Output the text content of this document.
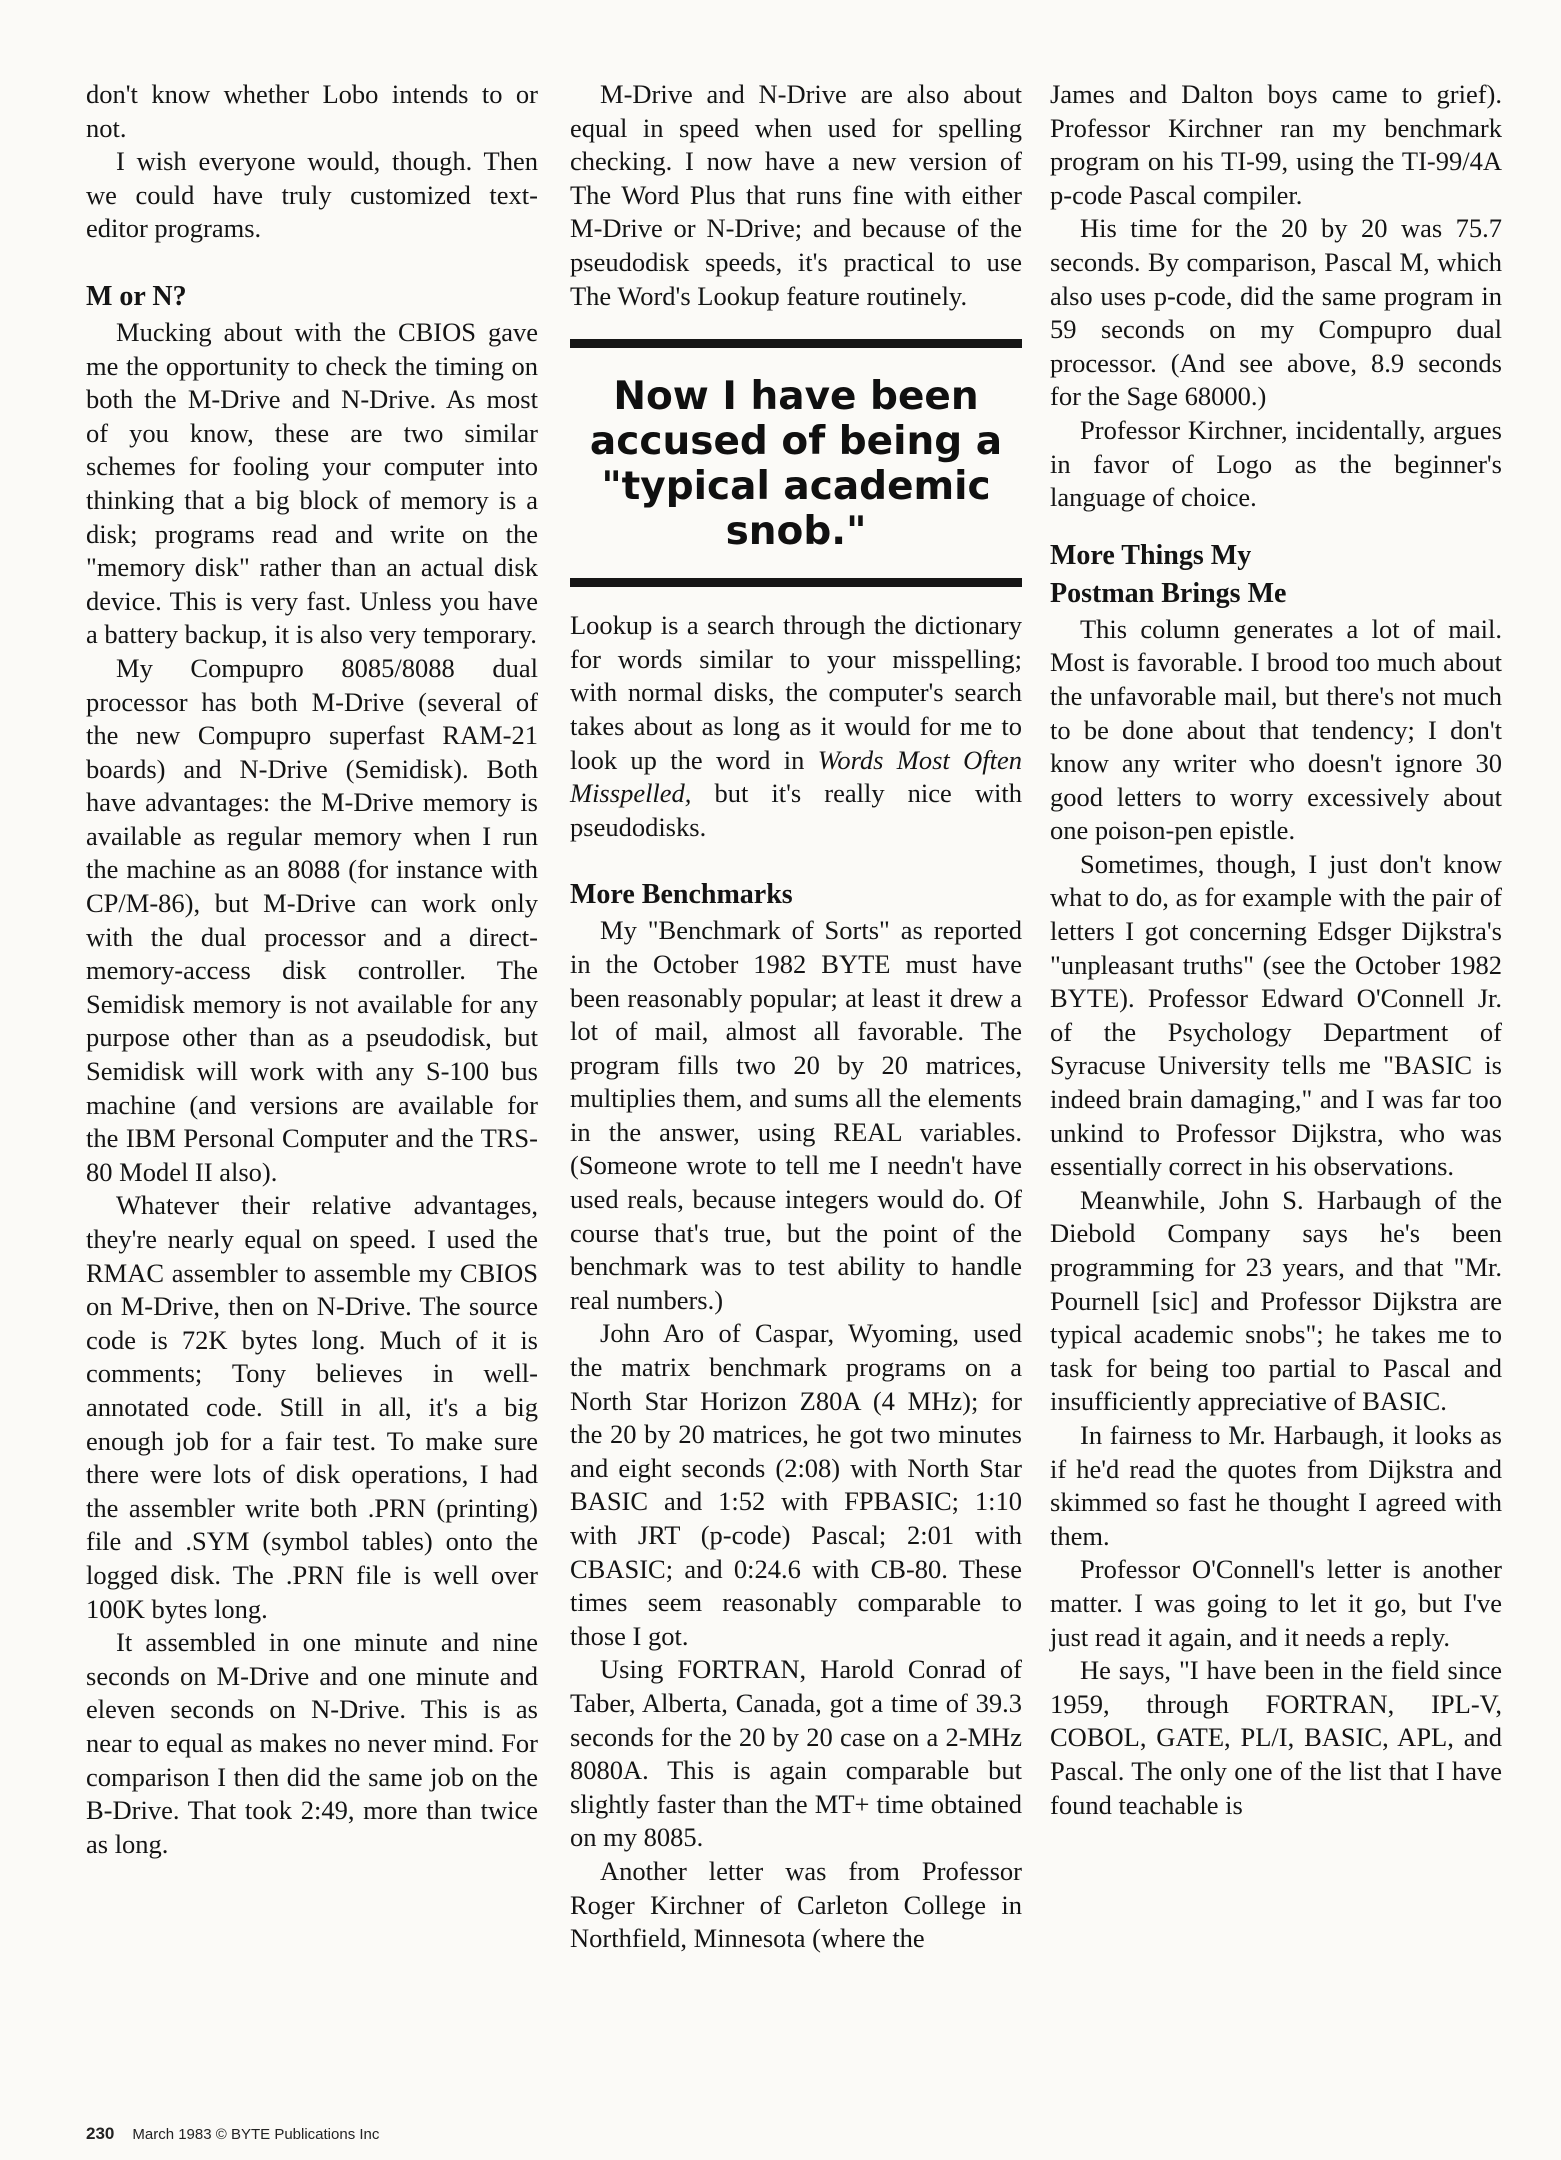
don't know whether Lobo intends to or not.

I wish everyone would, though. Then we could have truly customized text-editor programs.

M or N?

Mucking about with the CBIOS gave me the opportunity to check the timing on both the M-Drive and N-Drive. As most of you know, these are two similar schemes for fooling your computer into thinking that a big block of memory is a disk; programs read and write on the "memory disk" rather than an actual disk device. This is very fast. Unless you have a battery backup, it is also very temporary.

My Compupro 8085/8088 dual processor has both M-Drive (several of the new Compupro superfast RAM-21 boards) and N-Drive (Semidisk). Both have advantages: the M-Drive memory is available as regular memory when I run the machine as an 8088 (for instance with CP/M-86), but M-Drive can work only with the dual processor and a direct-memory-access disk controller. The Semidisk memory is not available for any purpose other than as a pseudodisk, but Semidisk will work with any S-100 bus machine (and versions are available for the IBM Personal Computer and the TRS-80 Model II also).

Whatever their relative advantages, they're nearly equal on speed. I used the RMAC assembler to assemble my CBIOS on M-Drive, then on N-Drive. The source code is 72K bytes long. Much of it is comments; Tony believes in well-annotated code. Still in all, it's a big enough job for a fair test. To make sure there were lots of disk operations, I had the assembler write both .PRN (printing) file and .SYM (symbol tables) onto the logged disk. The .PRN file is well over 100K bytes long.

It assembled in one minute and nine seconds on M-Drive and one minute and eleven seconds on N-Drive. This is as near to equal as makes no never mind. For comparison I then did the same job on the B-Drive. That took 2:49, more than twice as long.

M-Drive and N-Drive are also about equal in speed when used for spelling checking. I now have a new version of The Word Plus that runs fine with either M-Drive or N-Drive; and because of the pseudodisk speeds, it's practical to use The Word's Lookup feature routinely.

Now I have been accused of being a "typical academic snob."

Lookup is a search through the dictionary for words similar to your misspelling; with normal disks, the computer's search takes about as long as it would for me to look up the word in Words Most Often Misspelled, but it's really nice with pseudodisks.

More Benchmarks

My "Benchmark of Sorts" as reported in the October 1982 BYTE must have been reasonably popular; at least it drew a lot of mail, almost all favorable. The program fills two 20 by 20 matrices, multiplies them, and sums all the elements in the answer, using REAL variables. (Someone wrote to tell me I needn't have used reals, because integers would do. Of course that's true, but the point of the benchmark was to test ability to handle real numbers.)

John Aro of Caspar, Wyoming, used the matrix benchmark programs on a North Star Horizon Z80A (4 MHz); for the 20 by 20 matrices, he got two minutes and eight seconds (2:08) with North Star BASIC and 1:52 with FPBASIC; 1:10 with JRT (p-code) Pascal; 2:01 with CBASIC; and 0:24.6 with CB-80. These times seem reasonably comparable to those I got.

Using FORTRAN, Harold Conrad of Taber, Alberta, Canada, got a time of 39.3 seconds for the 20 by 20 case on a 2-MHz 8080A. This is again comparable but slightly faster than the MT+ time obtained on my 8085.

Another letter was from Professor Roger Kirchner of Carleton College in Northfield, Minnesota (where the

James and Dalton boys came to grief). Professor Kirchner ran my benchmark program on his TI-99, using the TI-99/4A p-code Pascal compiler.

His time for the 20 by 20 was 75.7 seconds. By comparison, Pascal M, which also uses p-code, did the same program in 59 seconds on my Compupro dual processor. (And see above, 8.9 seconds for the Sage 68000.)

Professor Kirchner, incidentally, argues in favor of Logo as the beginner's language of choice.

More Things My
Postman Brings Me

This column generates a lot of mail. Most is favorable. I brood too much about the unfavorable mail, but there's not much to be done about that tendency; I don't know any writer who doesn't ignore 30 good letters to worry excessively about one poison-pen epistle.

Sometimes, though, I just don't know what to do, as for example with the pair of letters I got concerning Edsger Dijkstra's "unpleasant truths" (see the October 1982 BYTE). Professor Edward O'Connell Jr. of the Psychology Department of Syracuse University tells me "BASIC is indeed brain damaging," and I was far too unkind to Professor Dijkstra, who was essentially correct in his observations.

Meanwhile, John S. Harbaugh of the Diebold Company says he's been programming for 23 years, and that "Mr. Pournell [sic] and Professor Dijkstra are typical academic snobs"; he takes me to task for being too partial to Pascal and insufficiently appreciative of BASIC.

In fairness to Mr. Harbaugh, it looks as if he'd read the quotes from Dijkstra and skimmed so fast he thought I agreed with them.

Professor O'Connell's letter is another matter. I was going to let it go, but I've just read it again, and it needs a reply.

He says, "I have been in the field since 1959, through FORTRAN, IPL-V, COBOL, GATE, PL/I, BASIC, APL, and Pascal. The only one of the list that I have found teachable is

230 March 1983 © BYTE Publications Inc
